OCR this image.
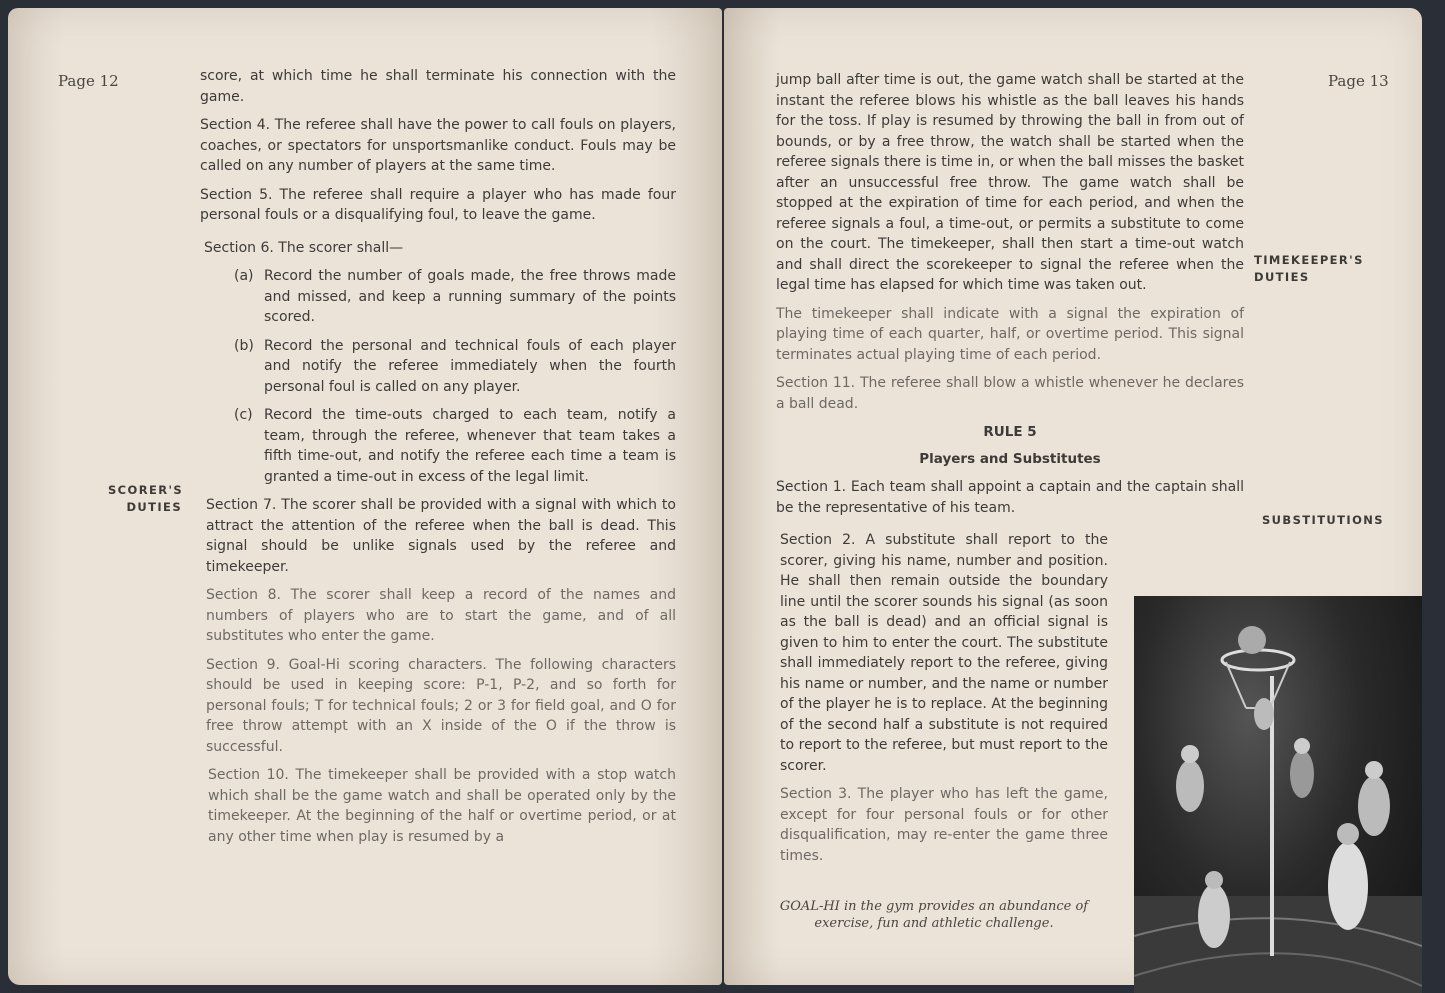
Page 12
SCORER'S
DUTIES

score, at which time he shall terminate his connection with the game.

Section 4. The referee shall have the power to call fouls on players, coaches, or spectators for unsportsmanlike conduct. Fouls may be called on any number of players at the same time.

Section 5. The referee shall require a player who has made four personal fouls or a disqualifying foul, to leave the game.

Section 6. The scorer shall—

(a) Record the number of goals made, the free throws made and missed, and keep a running summary of the points scored.
(b) Record the personal and technical fouls of each player and notify the referee immediately when the fourth personal foul is called on any player.
(c) Record the time-outs charged to each team, notify a team, through the referee, whenever that team takes a fifth time-out, and notify the referee each time a team is granted a time-out in excess of the legal limit.

Section 7. The scorer shall be provided with a signal with which to attract the attention of the referee when the ball is dead. This signal should be unlike signals used by the referee and timekeeper.

Section 8. The scorer shall keep a record of the names and numbers of players who are to start the game, and of all substitutes who enter the game.

Section 9. Goal-Hi scoring characters. The following characters should be used in keeping score: P-1, P-2, and so forth for personal fouls; T for technical fouls; 2 or 3 for field goal, and O for free throw attempt with an X inside of the O if the throw is successful.

Section 10. The timekeeper shall be provided with a stop watch which shall be the game watch and shall be operated only by the timekeeper. At the beginning of the half or overtime period, or at any other time when play is resumed by a

Page 13
TIMEKEEPER'S
DUTIES
SUBSTITUTIONS

jump ball after time is out, the game watch shall be started at the instant the referee blows his whistle as the ball leaves his hands for the toss. If play is resumed by throwing the ball in from out of bounds, or by a free throw, the watch shall be started when the referee signals there is time in, or when the ball misses the basket after an unsuccessful free throw. The game watch shall be stopped at the expiration of time for each period, and when the referee signals a foul, a time-out, or permits a substitute to come on the court. The timekeeper, shall then start a time-out watch and shall direct the scorekeeper to signal the referee when the legal time has elapsed for which time was taken out.

The timekeeper shall indicate with a signal the expiration of playing time of each quarter, half, or overtime period. This signal terminates actual playing time of each period.

Section 11. The referee shall blow a whistle whenever he declares a ball dead.

RULE 5
Players and Substitutes

Section 1. Each team shall appoint a captain and the captain shall be the representative of his team.

Section 2. A substitute shall report to the scorer, giving his name, number and position. He shall then remain outside the boundary line until the scorer sounds his signal (as soon as the ball is dead) and an official signal is given to him to enter the court. The substitute shall immediately report to the referee, giving his name or number, and the name or number of the player he is to replace. At the beginning of the second half a substitute is not required to report to the referee, but must report to the scorer.

Section 3. The player who has left the game, except for four personal fouls or for other disqualification, may re-enter the game three times.

GOAL-HI in the gym provides an abundance of exercise, fun and athletic challenge.
